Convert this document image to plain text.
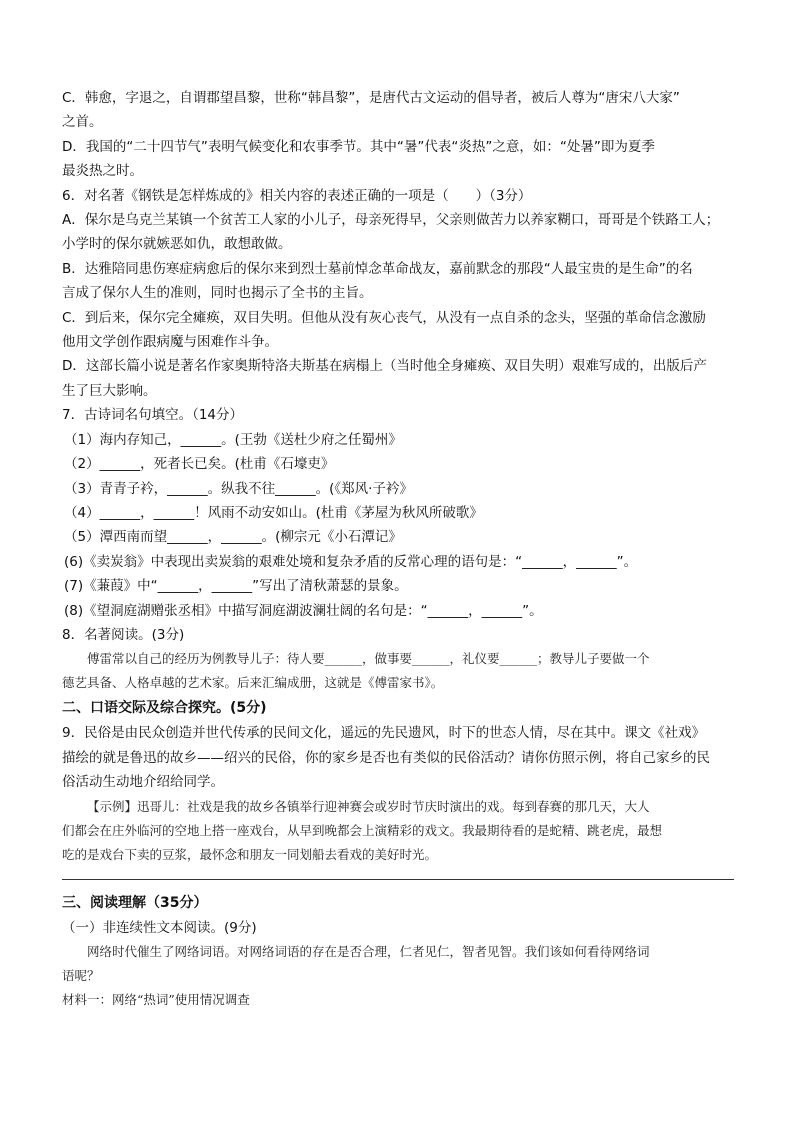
C．韩愈，字退之，自谓郡望昌黎，世称“韩昌黎”，是唐代古文运动的倡导者，被后人尊为“唐宋八大家”
之首。
D．我国的“二十四节气”表明气候变化和农事季节。其中“暑”代表“炎热”之意，如：“处暑”即为夏季
最炎热之时。
6．对名著《钢铁是怎样炼成的》相关内容的表述正确的一项是（　　）（3分）
A．保尔是乌克兰某镇一个贫苦工人家的小儿子，母亲死得早，父亲则做苦力以养家糊口，哥哥是个铁路工人；
小学时的保尔就嫉恶如仇，敢想敢做。
B．达雅陪同患伤寒症病愈后的保尔来到烈士墓前悼念革命战友，嘉前默念的那段“人最宝贵的是生命”的名
言成了保尔人生的准则，同时也揭示了全书的主旨。
C．到后来，保尔完全瘫痪，双目失明。但他从没有灰心丧气，从没有一点自杀的念头，坚强的革命信念激励
他用文学创作跟病魔与困难作斗争。
D．这部长篇小说是著名作家奥斯特洛夫斯基在病榻上（当时他全身瘫痪、双目失明）艰难写成的，出版后产
生了巨大影响。
7．古诗词名句填空。（14分）
（1）海内存知己，______。(王勃《送杜少府之任蜀州》
（2）______，死者长已矣。(杜甫《石壕吏》
（3）青青子衿，______。纵我不往______。(《郑风·子衿》
（4）______，______！风雨不动安如山。(杜甫《茅屋为秋风所破歌》
（5）潭西南而望______，______。(柳宗元《小石潭记》
(6)《卖炭翁》中表现出卖炭翁的艰难处境和复杂矛盾的反常心理的语句是：“______，______”。
(7)《蒹葭》中“______，______”写出了清秋萧瑟的景象。
(8)《望洞庭湖赠张丞相》中描写洞庭湖波澜壮阔的名句是：“______，______”。
8．名著阅读。(3分)
傅雷常以自己的经历为例教导儿子：待人要______，做事要______，礼仪要______；教导儿子要做一个
德艺具备、人格卓越的艺术家。后来汇编成册，这就是《傅雷家书》。
二、口语交际及综合探究。(5分)
9．民俗是由民众创造并世代传承的民间文化，遥远的先民遗风，时下的世态人情，尽在其中。课文《社戏》
描绘的就是鲁迅的故乡——绍兴的民俗，你的家乡是否也有类似的民俗活动？请你仿照示例，将自己家乡的民
俗活动生动地介绍给同学。
【示例】迅哥儿：社戏是我的故乡各镇举行迎神赛会或岁时节庆时演出的戏。每到春赛的那几天，大人
们都会在庄外临河的空地上搭一座戏台，从早到晚都会上演精彩的戏文。我最期待看的是蛇精、跳老虎，最想
吃的是戏台下卖的豆浆，最怀念和朋友一同划船去看戏的美好时光。
三、阅读理解（35分）
（一）非连续性文本阅读。(9分)
网络时代催生了网络词语。对网络词语的存在是否合理，仁者见仁，智者见智。我们该如何看待网络词
语呢？
材料一：网络“热词”使用情况调查
